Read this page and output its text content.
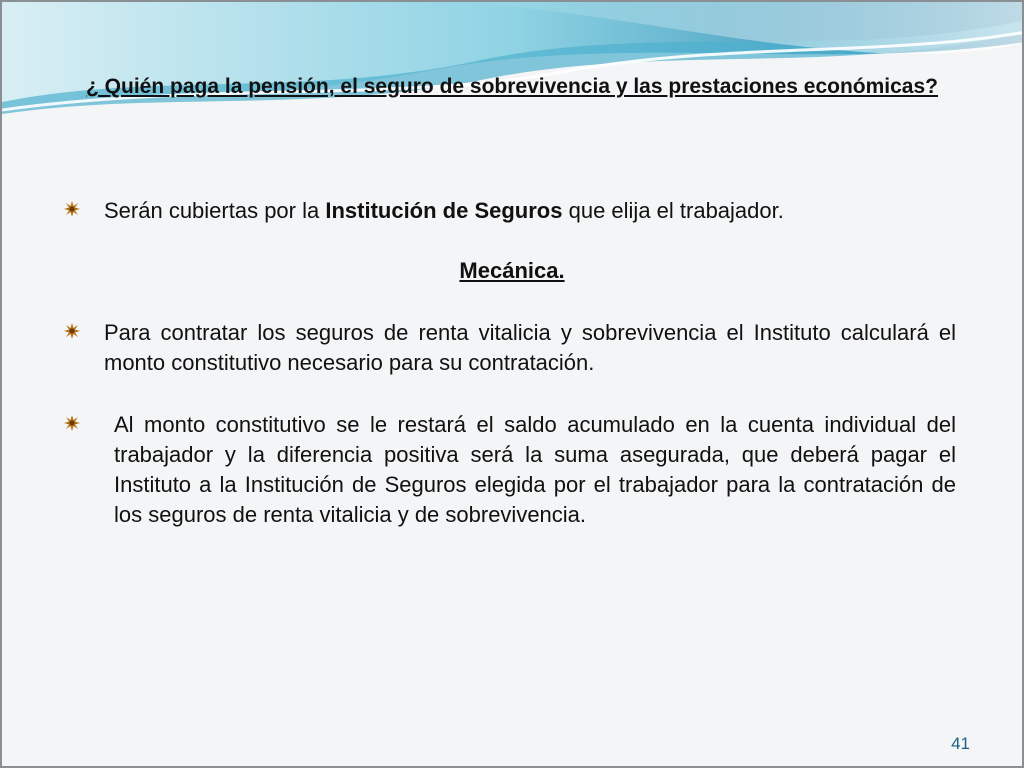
¿ Quién paga la pensión, el seguro de sobrevivencia y las prestaciones económicas?
Serán cubiertas por la Institución de Seguros que elija el trabajador.
Mecánica.
Para contratar los seguros de renta vitalicia y sobrevivencia el Instituto calculará el monto constitutivo necesario para su contratación.
Al monto constitutivo se le restará el saldo acumulado en la cuenta individual del trabajador y la diferencia positiva será la suma asegurada, que deberá pagar el Instituto a la Institución de Seguros elegida por el trabajador para la contratación de los seguros de renta vitalicia y de sobrevivencia.
41
